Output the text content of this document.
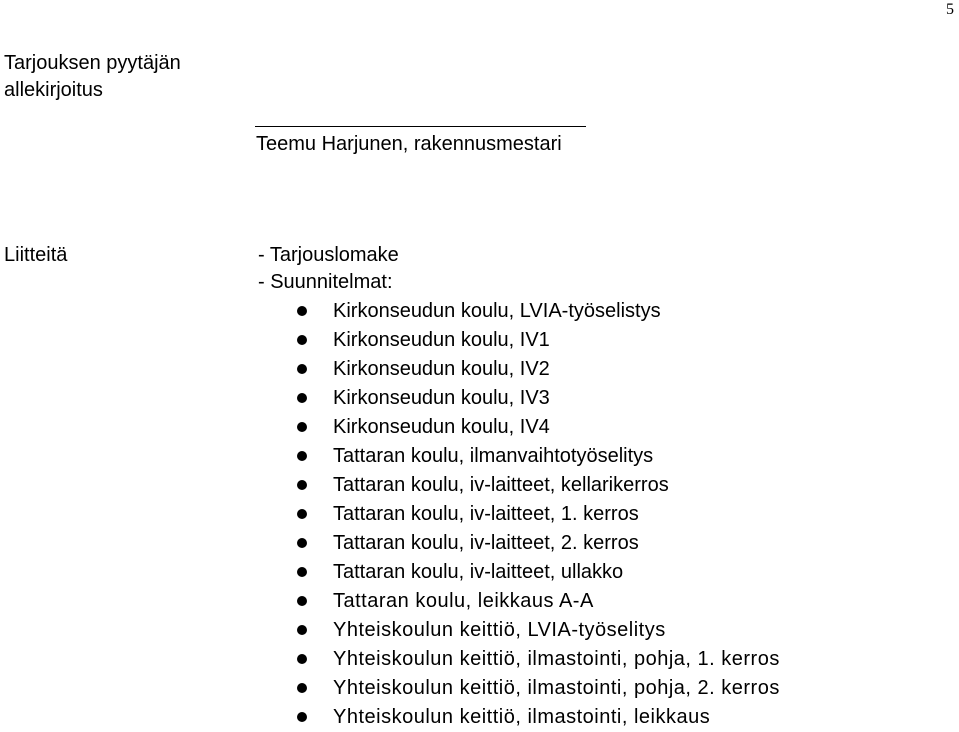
5
Tarjouksen pyytäjän
allekirjoitus
Teemu Harjunen, rakennusmestari
Liitteitä	- Tarjouslomake
- Suunnitelmat:
Kirkonseudun koulu, LVIA-työselistys
Kirkonseudun koulu, IV1
Kirkonseudun koulu, IV2
Kirkonseudun koulu, IV3
Kirkonseudun koulu, IV4
Tattaran koulu, ilmanvaihtotyöselitys
Tattaran koulu, iv-laitteet, kellarikerros
Tattaran koulu, iv-laitteet, 1. kerros
Tattaran koulu, iv-laitteet, 2. kerros
Tattaran koulu, iv-laitteet, ullakko
Tattaran koulu, leikkaus A-A
Yhteiskoulun keittiö, LVIA-työselitys
Yhteiskoulun keittiö, ilmastointi, pohja, 1. kerros
Yhteiskoulun keittiö, ilmastointi, pohja, 2. kerros
Yhteiskoulun keittiö, ilmastointi, leikkaus
